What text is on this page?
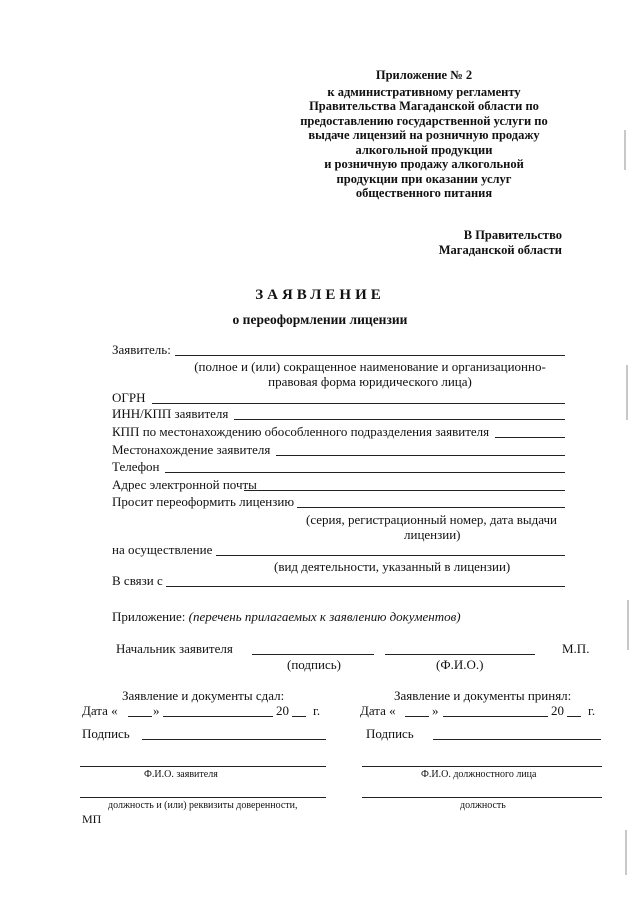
Приложение № 2
к административному регламенту
Правительства Магаданской области по
предоставлению государственной услуги по
выдаче лицензий на розничную продажу
алкогольной продукции
и розничную продажу алкогольной
продукции при оказании услуг
общественного питания
В Правительство
Магаданской области
ЗАЯВЛЕНИЕ
о переоформлении лицензии
Заявитель:
(полное и (или) сокращенное наименование и организационно-
правовая форма юридического лица)
ОГРН
ИНН/КПП заявителя
КПП по местонахождению обособленного подразделения заявителя
Местонахождение заявителя
Телефон
Адрес электронной почты
Просит переоформить лицензию
(серия, регистрационный номер, дата выдачи
лицензии)
на осуществление
(вид деятельности, указанный в лицензии)
В связи с
Приложение: (перечень прилагаемых к заявлению документов)
Начальник заявителя	М.П.
(подпись)	(Ф.И.О.)
Заявление и документы сдал:
Дата «	»	20 г.
Подпись
Ф.И.О. заявителя
должность и (или) реквизиты доверенности,
МП
Заявление и документы принял:
Дата «	»	20 г.
Подпись
Ф.И.О. должностного лица
должность
